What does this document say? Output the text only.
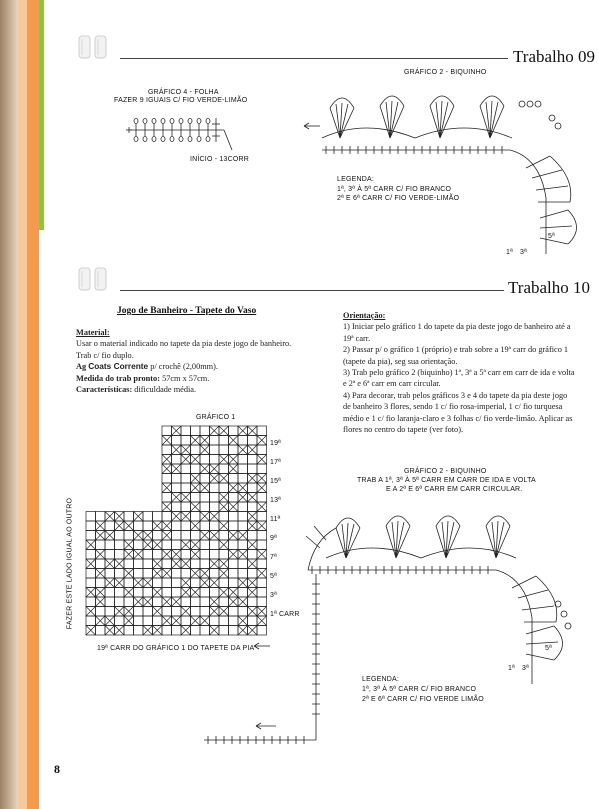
Trabalho 09
GRÁFICO 4 - FOLHA
FAZER 9 IGUAIS C/ FIO VERDE-LIMÃO
INÍCIO - 13CORR
GRÁFICO 2 - BIQUINHO
LEGENDA:
1ª, 3ª À 5ª CARR C/ FIO BRANCO
2ª E 6ª CARR C/ FIO VERDE-LIMÃO
5ª
1ª 3ª
Trabalho 10
Jogo de Banheiro - Tapete do Vaso

Material:

Usar o material indicado no tapete da pia deste jogo de banheiro.

Trab c/ fio duplo.

Ag Coats Corrente p/ crochê (2,00mm).

Medida do trab pronto: 57cm x 57cm.

Características: dificuldade média.

Orientação:

1) Iniciar pelo gráfico 1 do tapete da pia deste jogo de banheiro até a 19ª carr.

2) Passar p/ o gráfico 1 (próprio) e trab sobre a 19ª carr do gráfico 1 (tapete da pia), seg sua orientação.

3) Trab pelo gráfico 2 (biquinho) 1ª, 3ª a 5ª carr em carr de ida e volta e 2ª e 6ª carr em carr circular.

4) Para decorar, trab pelos gráficos 3 e 4 do tapete da pia deste jogo de banheiro 3 flores, sendo 1 c/ fio rosa-imperial, 1 c/ fio turquesa médio e 1 c/ fio laranja-claro e 3 folhas c/ fio verde-limão. Aplicar as flores no centro do tapete (ver foto).

GRÁFICO 1
FAZER ESTE LADO IGUAL AO OUTRO
19ª
17ª
15ª
13ª
11ª
9ª
7ª
5ª
3ª
1ª CARR
19ª CARR DO GRÁFICO 1 DO TAPETE DA PIA
GRÁFICO 2 - BIQUINHO
TRAB A 1ª, 3ª À 5ª CARR EM CARR DE IDA E VOLTA
E A 2ª E 6ª CARR EM CARR CIRCULAR.
5ª
1ª 3ª
LEGENDA:
1ª, 3ª À 5ª CARR C/ FIO BRANCO
2ª E 6ª CARR C/ FIO VERDE LIMÃO
8
